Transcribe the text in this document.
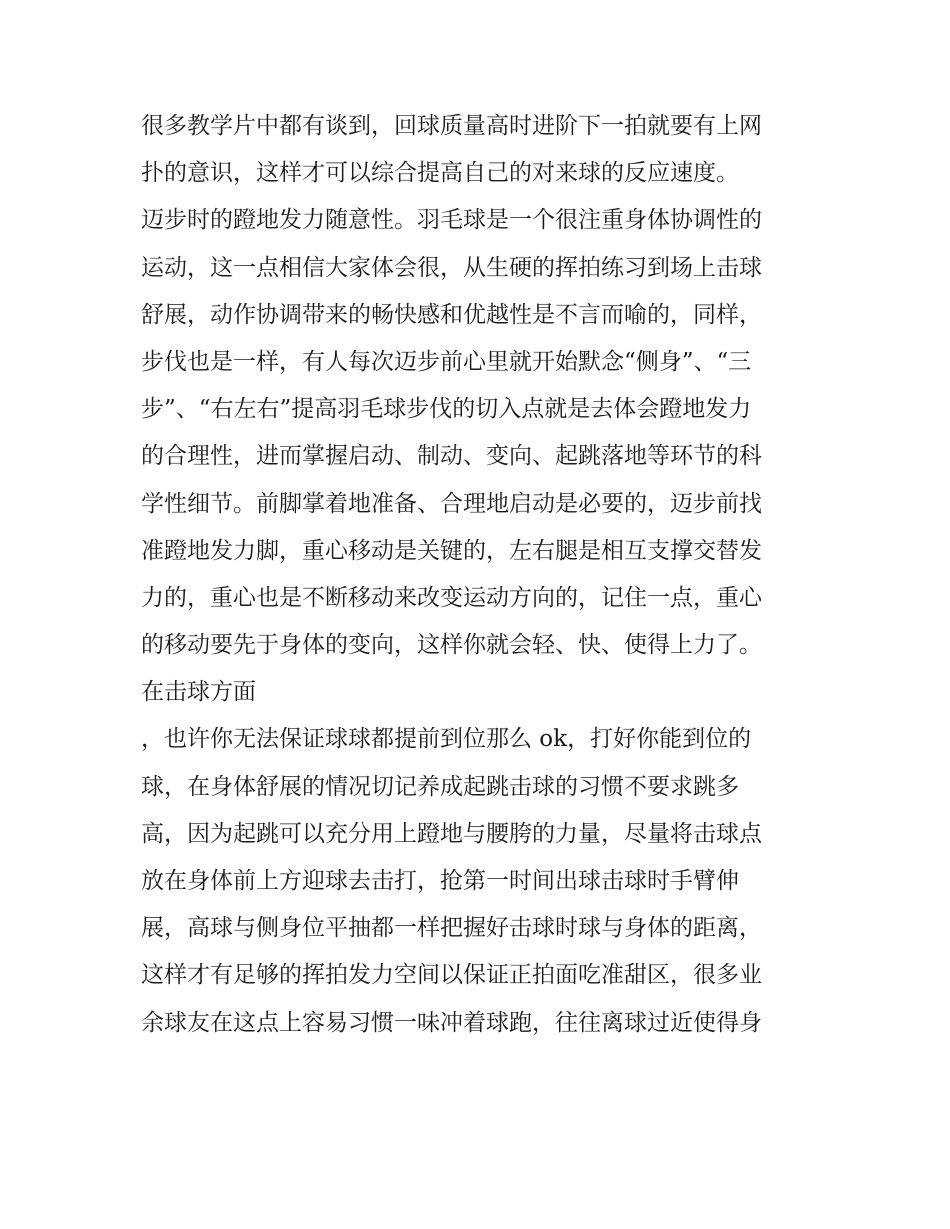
很多教学片中都有谈到，回球质量高时进阶下一拍就要有上网
扑的意识，这样才可以综合提高自己的对来球的反应速度。
迈步时的蹬地发力随意性。羽毛球是一个很注重身体协调性的
运动，这一点相信大家体会很，从生硬的挥拍练习到场上击球
舒展，动作协调带来的畅快感和优越性是不言而喻的，同样，
步伐也是一样，有人每次迈步前心里就开始默念“侧身”、“三
步”、“右左右”提高羽毛球步伐的切入点就是去体会蹬地发力
的合理性，进而掌握启动、制动、变向、起跳落地等环节的科
学性细节。前脚掌着地准备、合理地启动是必要的，迈步前找
准蹬地发力脚，重心移动是关键的，左右腿是相互支撑交替发
力的，重心也是不断移动来改变运动方向的，记住一点，重心
的移动要先于身体的变向，这样你就会轻、快、使得上力了。
在击球方面
，也许你无法保证球球都提前到位那么 ok，打好你能到位的
球，在身体舒展的情况切记养成起跳击球的习惯不要求跳多
高，因为起跳可以充分用上蹬地与腰胯的力量，尽量将击球点
放在身体前上方迎球去击打，抢第一时间出球击球时手臂伸
展，高球与侧身位平抽都一样把握好击球时球与身体的距离，
这样才有足够的挥拍发力空间以保证正拍面吃准甜区，很多业
余球友在这点上容易习惯一味冲着球跑，往往离球过近使得身
